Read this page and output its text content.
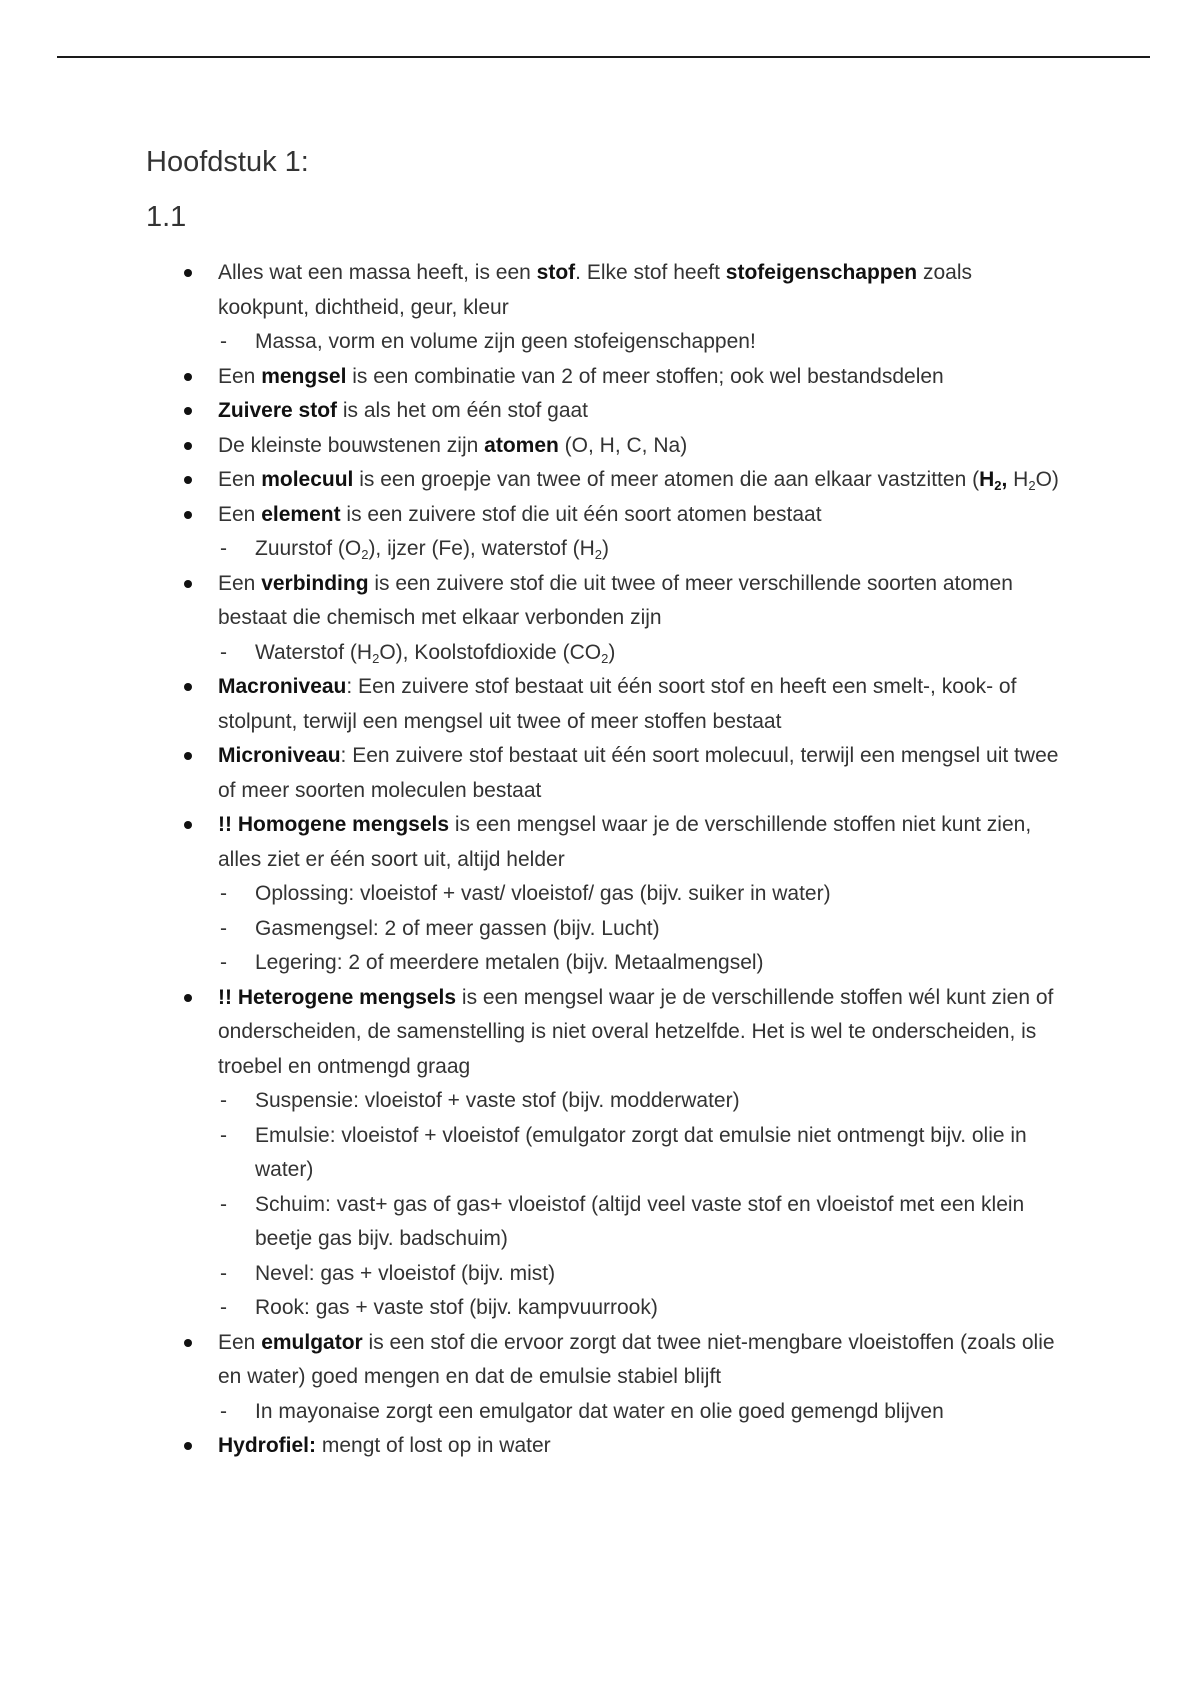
Hoofdstuk 1:
1.1
Alles wat een massa heeft, is een stof. Elke stof heeft stofeigenschappen zoals kookpunt, dichtheid, geur, kleur
- Massa, vorm en volume zijn geen stofeigenschappen!
Een mengsel is een combinatie van 2 of meer stoffen; ook wel bestandsdelen
Zuivere stof is als het om één stof gaat
De kleinste bouwstenen zijn atomen (O, H, C, Na)
Een molecuul is een groepje van twee of meer atomen die aan elkaar vastzitten ($H_2$, $H_2O$)
Een element is een zuivere stof die uit één soort atomen bestaat
- Zuurstof $(O_2)$, ijzer (Fe), waterstof $(H_2)$
Een verbinding is een zuivere stof die uit twee of meer verschillende soorten atomen bestaat die chemisch met elkaar verbonden zijn
- Waterstof $(H_2O)$, Koolstofdioxide $(CO_2)$
Macroniveau: Een zuivere stof bestaat uit één soort stof en heeft een smelt-, kook- of stolpunt, terwijl een mengsel uit twee of meer stoffen bestaat
Microniveau: Een zuivere stof bestaat uit één soort molecuul, terwijl een mengsel uit twee of meer soorten moleculen bestaat
!! Homogene mengsels is een mengsel waar je de verschillende stoffen niet kunt zien, alles ziet er één soort uit, altijd helder
- Oplossing: vloeistof + vast/ vloeistof/ gas (bijv. suiker in water)
- Gasmengsel: 2 of meer gassen (bijv. Lucht)
- Legering: 2 of meerdere metalen (bijv. Metaalmengsel)
!! Heterogene mengsels is een mengsel waar je de verschillende stoffen wél kunt zien of onderscheiden, de samenstelling is niet overal hetzelfde. Het is wel te onderscheiden, is troebel en ontmengd graag
- Suspensie: vloeistof + vaste stof (bijv. modderwater)
- Emulsie: vloeistof + vloeistof (emulgator zorgt dat emulsie niet ontmengt bijv. olie in water)
- Schuim: vast+ gas of gas+ vloeistof (altijd veel vaste stof en vloeistof met een klein beetje gas bijv. badschuim)
- Nevel: gas + vloeistof (bijv. mist)
- Rook: gas + vaste stof (bijv. kampvuurrook)
Een emulgator is een stof die ervoor zorgt dat twee niet-mengbare vloeistoffen (zoals olie en water) goed mengen en dat de emulsie stabiel blijft
- In mayonaise zorgt een emulgator dat water en olie goed gemengd blijven
Hydrofiel: mengt of lost op in water
